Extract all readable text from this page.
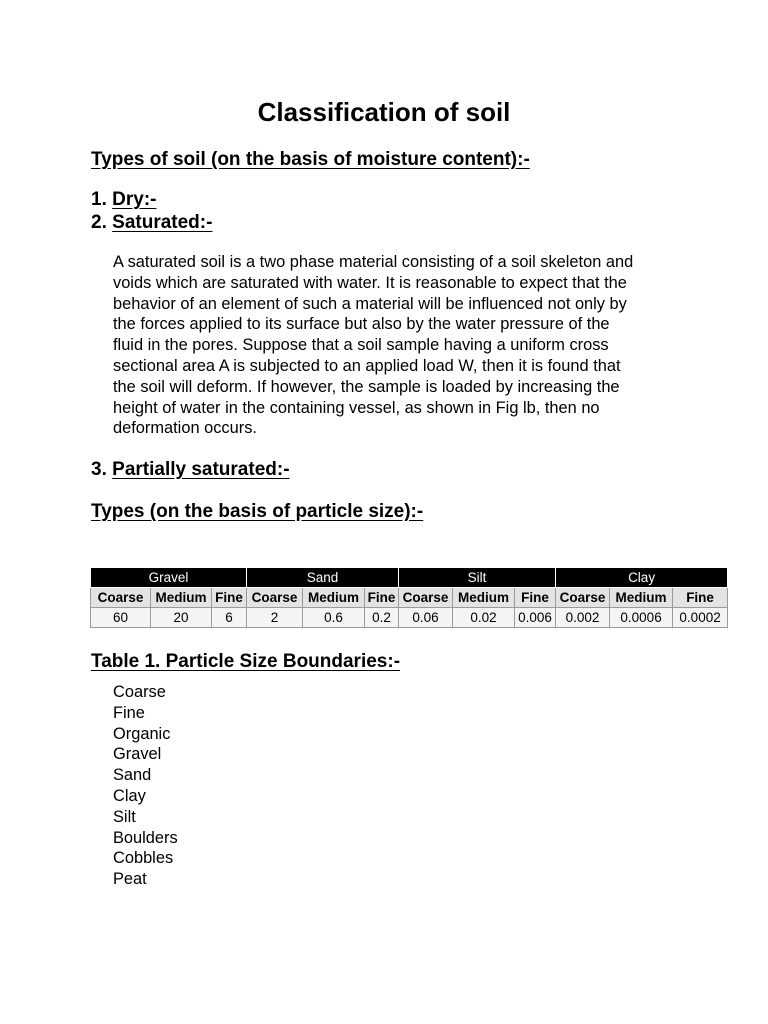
Classification of soil
Types of soil (on the basis of moisture content):-

1. Dry:-

2. Saturated:-

A saturated soil is a two phase material consisting of a soil skeleton and
voids which are saturated with water. It is reasonable to expect that the
behavior of an element of such a material will be influenced not only by
the forces applied to its surface but also by the water pressure of the
fluid in the pores. Suppose that a soil sample having a uniform cross
sectional area A is subjected to an applied load W, then it is found that
the soil will deform. If however, the sample is loaded by increasing the
height of water in the containing vessel, as shown in Fig lb, then no
deformation occurs.

3. Partially saturated:-

Types (on the basis of particle size):-
Gravel			Sand			Silt			Clay		
Coarse	Medium	Fine	Coarse	Medium	Fine	Coarse	Medium	Fine	Coarse	Medium	Fine
60	20	6	2	0.6	0.2	0.06	0.02	0.006	0.002	0.0006	0.0002
Table 1. Particle Size Boundaries:-
Coarse
Fine
Organic
Gravel
Sand
Clay
Silt
Boulders
Cobbles
Peat
